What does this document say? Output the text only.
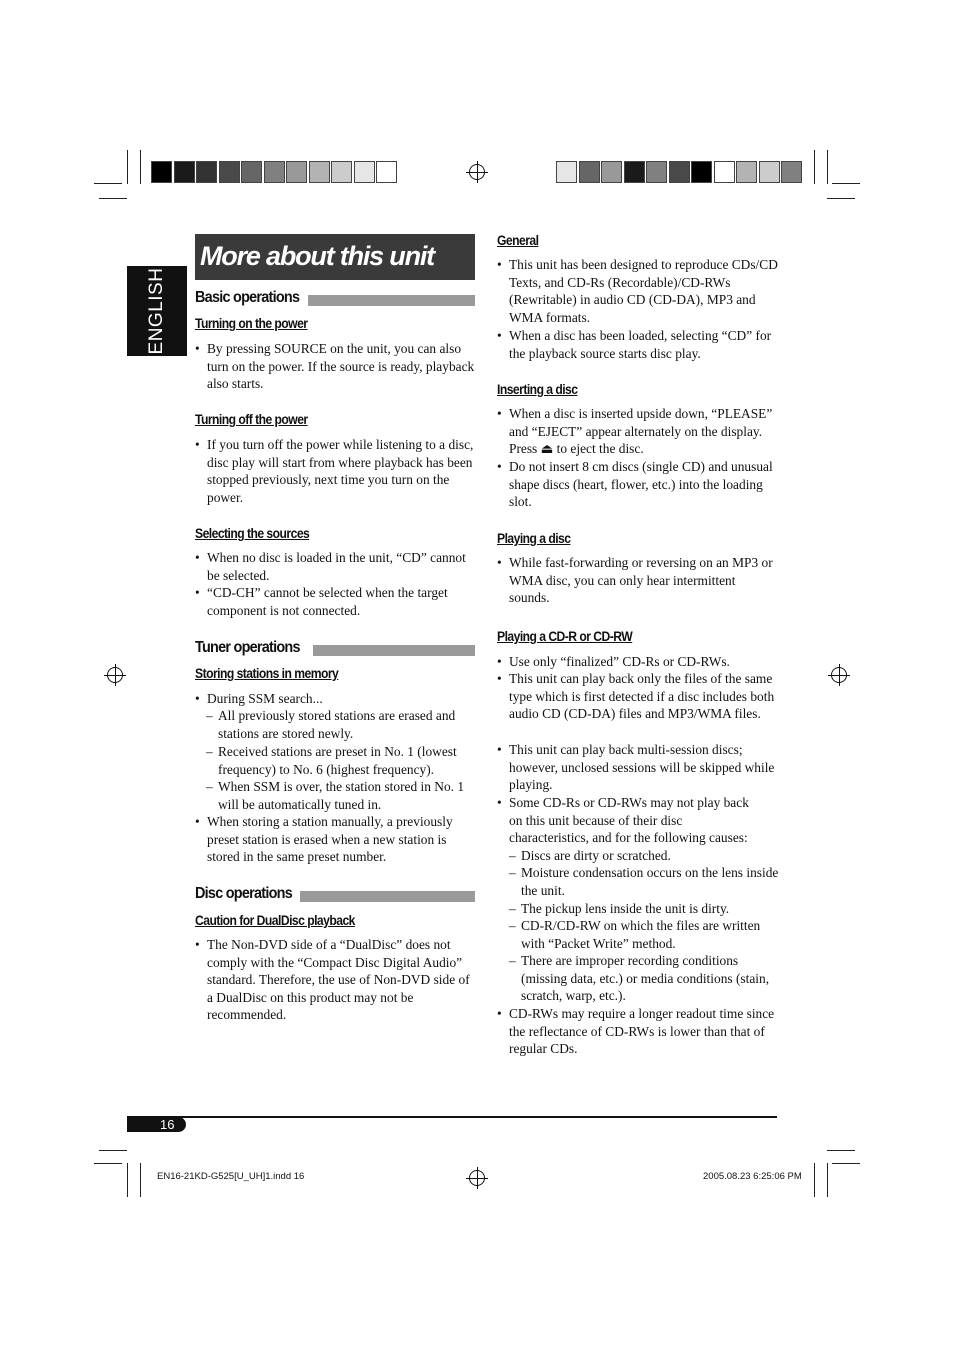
ENGLISH
More about this unit
Basic operations
Turning on the power
• By pressing SOURCE on the unit, you can also turn on the power. If the source is ready, playback also starts.
Turning off the power
• If you turn off the power while listening to a disc, disc play will start from where playback has been stopped previously, next time you turn on the power.
Selecting the sources
• When no disc is loaded in the unit, “CD” cannot be selected.
• “CD-CH” cannot be selected when the target component is not connected.
Tuner operations
Storing stations in memory
• During SSM search...
– All previously stored stations are erased and stations are stored newly.
– Received stations are preset in No. 1 (lowest frequency) to No. 6 (highest frequency).
– When SSM is over, the station stored in No. 1 will be automatically tuned in.
• When storing a station manually, a previously preset station is erased when a new station is stored in the same preset number.
Disc operations
Caution for DualDisc playback
• The Non-DVD side of a “DualDisc” does not comply with the “Compact Disc Digital Audio” standard. Therefore, the use of Non-DVD side of a DualDisc on this product may not be recommended.
General
• This unit has been designed to reproduce CDs/CD Texts, and CD-Rs (Recordable)/CD-RWs (Rewritable) in audio CD (CD-DA), MP3 and WMA formats.
• When a disc has been loaded, selecting “CD” for the playback source starts disc play.
Inserting a disc
• When a disc is inserted upside down, “PLEASE” and “EJECT” appear alternately on the display. Press ⏏ to eject the disc.
• Do not insert 8 cm discs (single CD) and unusual shape discs (heart, flower, etc.) into the loading slot.
Playing a disc
• While fast-forwarding or reversing on an MP3 or WMA disc, you can only hear intermittent sounds.
Playing a CD-R or CD-RW
• Use only “finalized” CD-Rs or CD-RWs.
• This unit can play back only the files of the same type which is first detected if a disc includes both audio CD (CD-DA) files and MP3/WMA files.
• This unit can play back multi-session discs; however, unclosed sessions will be skipped while playing.
• Some CD-Rs or CD-RWs may not play back on this unit because of their disc characteristics, and for the following causes:
– Discs are dirty or scratched.
– Moisture condensation occurs on the lens inside the unit.
– The pickup lens inside the unit is dirty.
– CD-R/CD-RW on which the files are written with “Packet Write” method.
– There are improper recording conditions (missing data, etc.) or media conditions (stain, scratch, warp, etc.).
• CD-RWs may require a longer readout time since the reflectance of CD-RWs is lower than that of regular CDs.
16
EN16-21KD-G525[U_UH]1.indd 16	2005.08.23 6:25:06 PM
